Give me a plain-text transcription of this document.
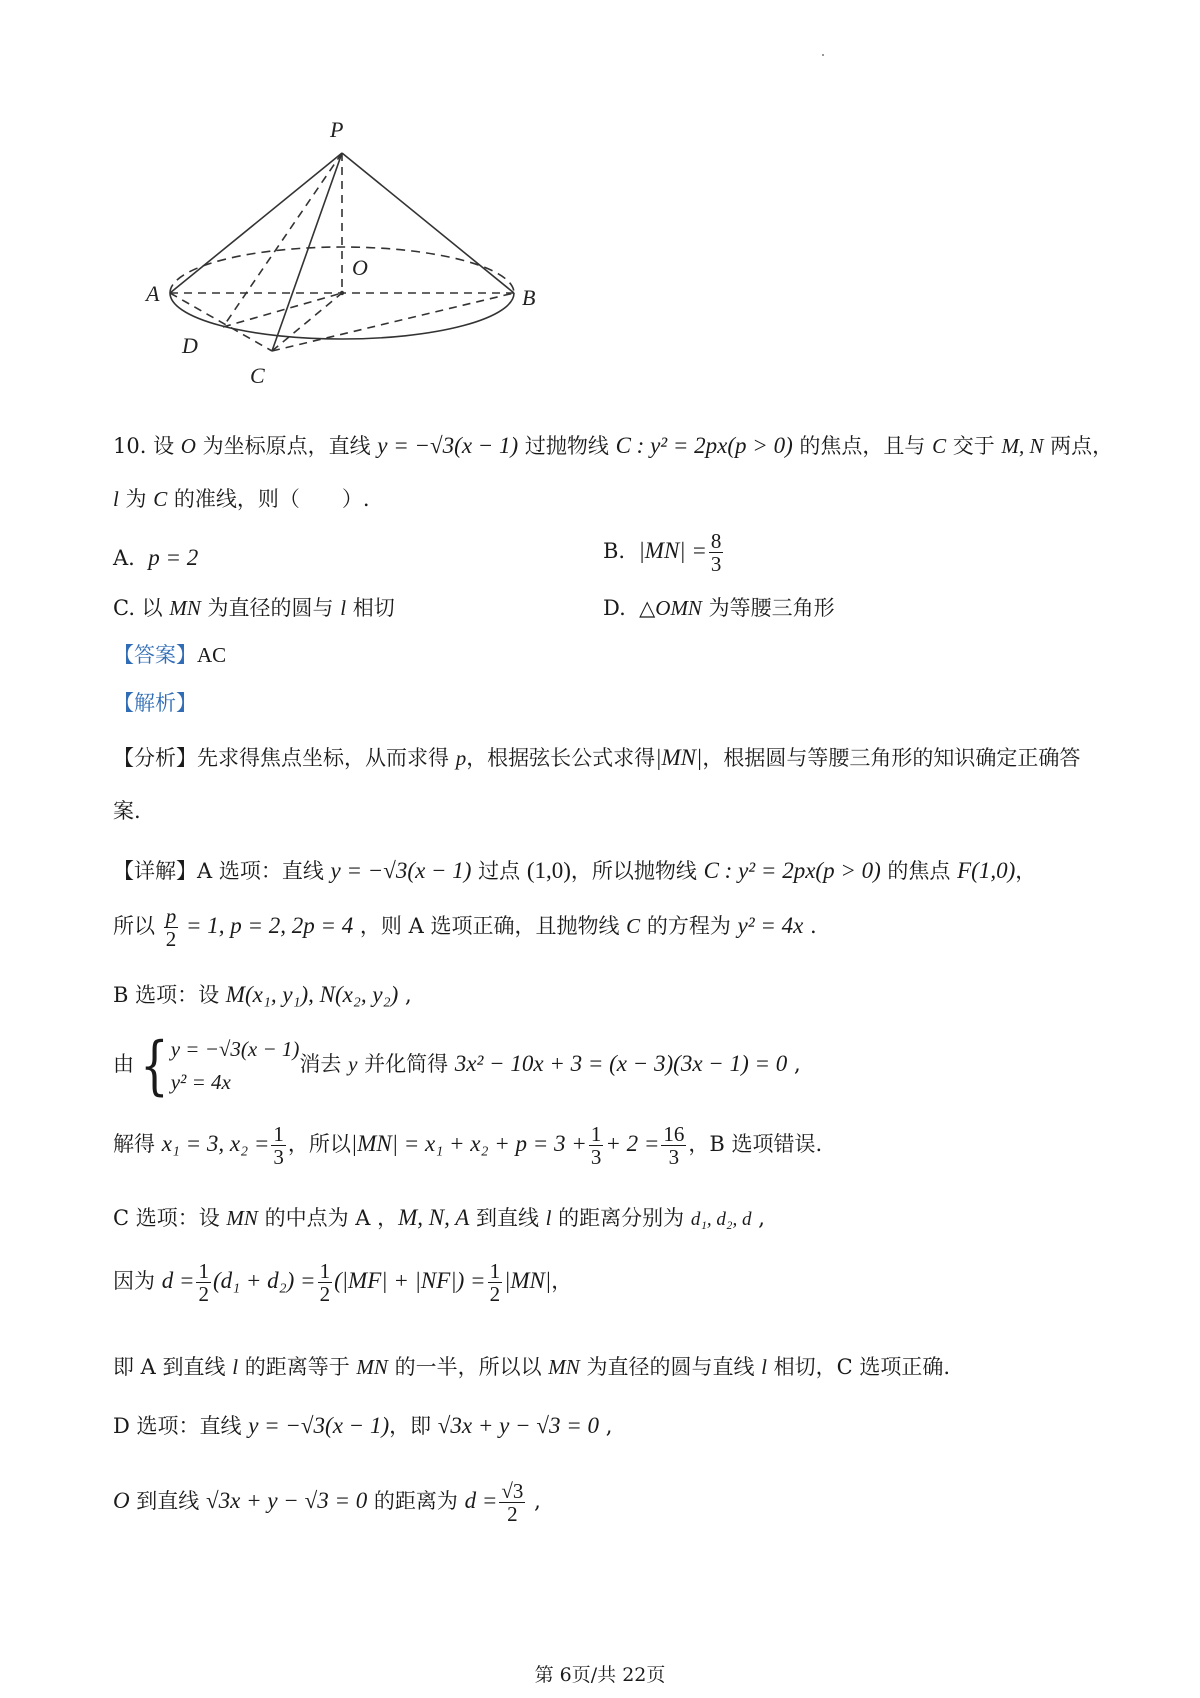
P
O
A	B
D
C
10. 设 O 为坐标原点，直线 y = −√3(x − 1) 过抛物线 C : y² = 2px(p > 0) 的焦点，且与 C 交于 M, N 两点，
l 为 C 的准线，则（　　）.
A. p = 2	B. $|MN| = \frac{8}{3}$
C. 以 MN 为直径的圆与 l 相切	D. △OMN 为等腰三角形
【答案】AC
【解析】
【分析】先求得焦点坐标，从而求得 p，根据弦长公式求得|MN|，根据圆与等腰三角形的知识确定正确答
案.
【详解】A 选项：直线 y = −√3(x − 1) 过点 (1,0)，所以抛物线 C : y² = 2px(p > 0) 的焦点 F(1,0)，
所以 $\frac{p}{2} = 1$, p = 2, 2p = 4 ，则 A 选项正确，且抛物线 C 的方程为 y² = 4x .
B 选项：设 M(x₁, y₁), N(x₂, y₂) ,
由{ y = −√3(x − 1)
y² = 4x
消去 y 并化简得 3x² − 10x + 3 = (x − 3)(3x − 1) = 0 ,
解得 x₁ = 3, $x_2 = \frac{1}{3}$ ，所以$|MN| = x_1 + x_2 + p = 3 + \frac{1}{3} + 2 = \frac{16}{3}$ ，B 选项错误.
C 选项：设 MN 的中点为 A ，M, N, A 到直线 l 的距离分别为 d₁, d₂, d ,
因为 $d = \frac{1}{2} (d_1 + d_2) = \frac{1}{2} (|MF| + |NF|) = \frac{1}{2} |MN|$，
即 A 到直线 l 的距离等于 MN 的一半，所以以 MN 为直径的圆与直线 l 相切，C 选项正确.
D 选项：直线 y = −√3(x − 1)，即 √3x + y − √3 = 0 ,
O 到直线 √3x + y − √3 = 0 的距离为 $d = \frac{√3}{2}$ ,
第 6页/共 22页
